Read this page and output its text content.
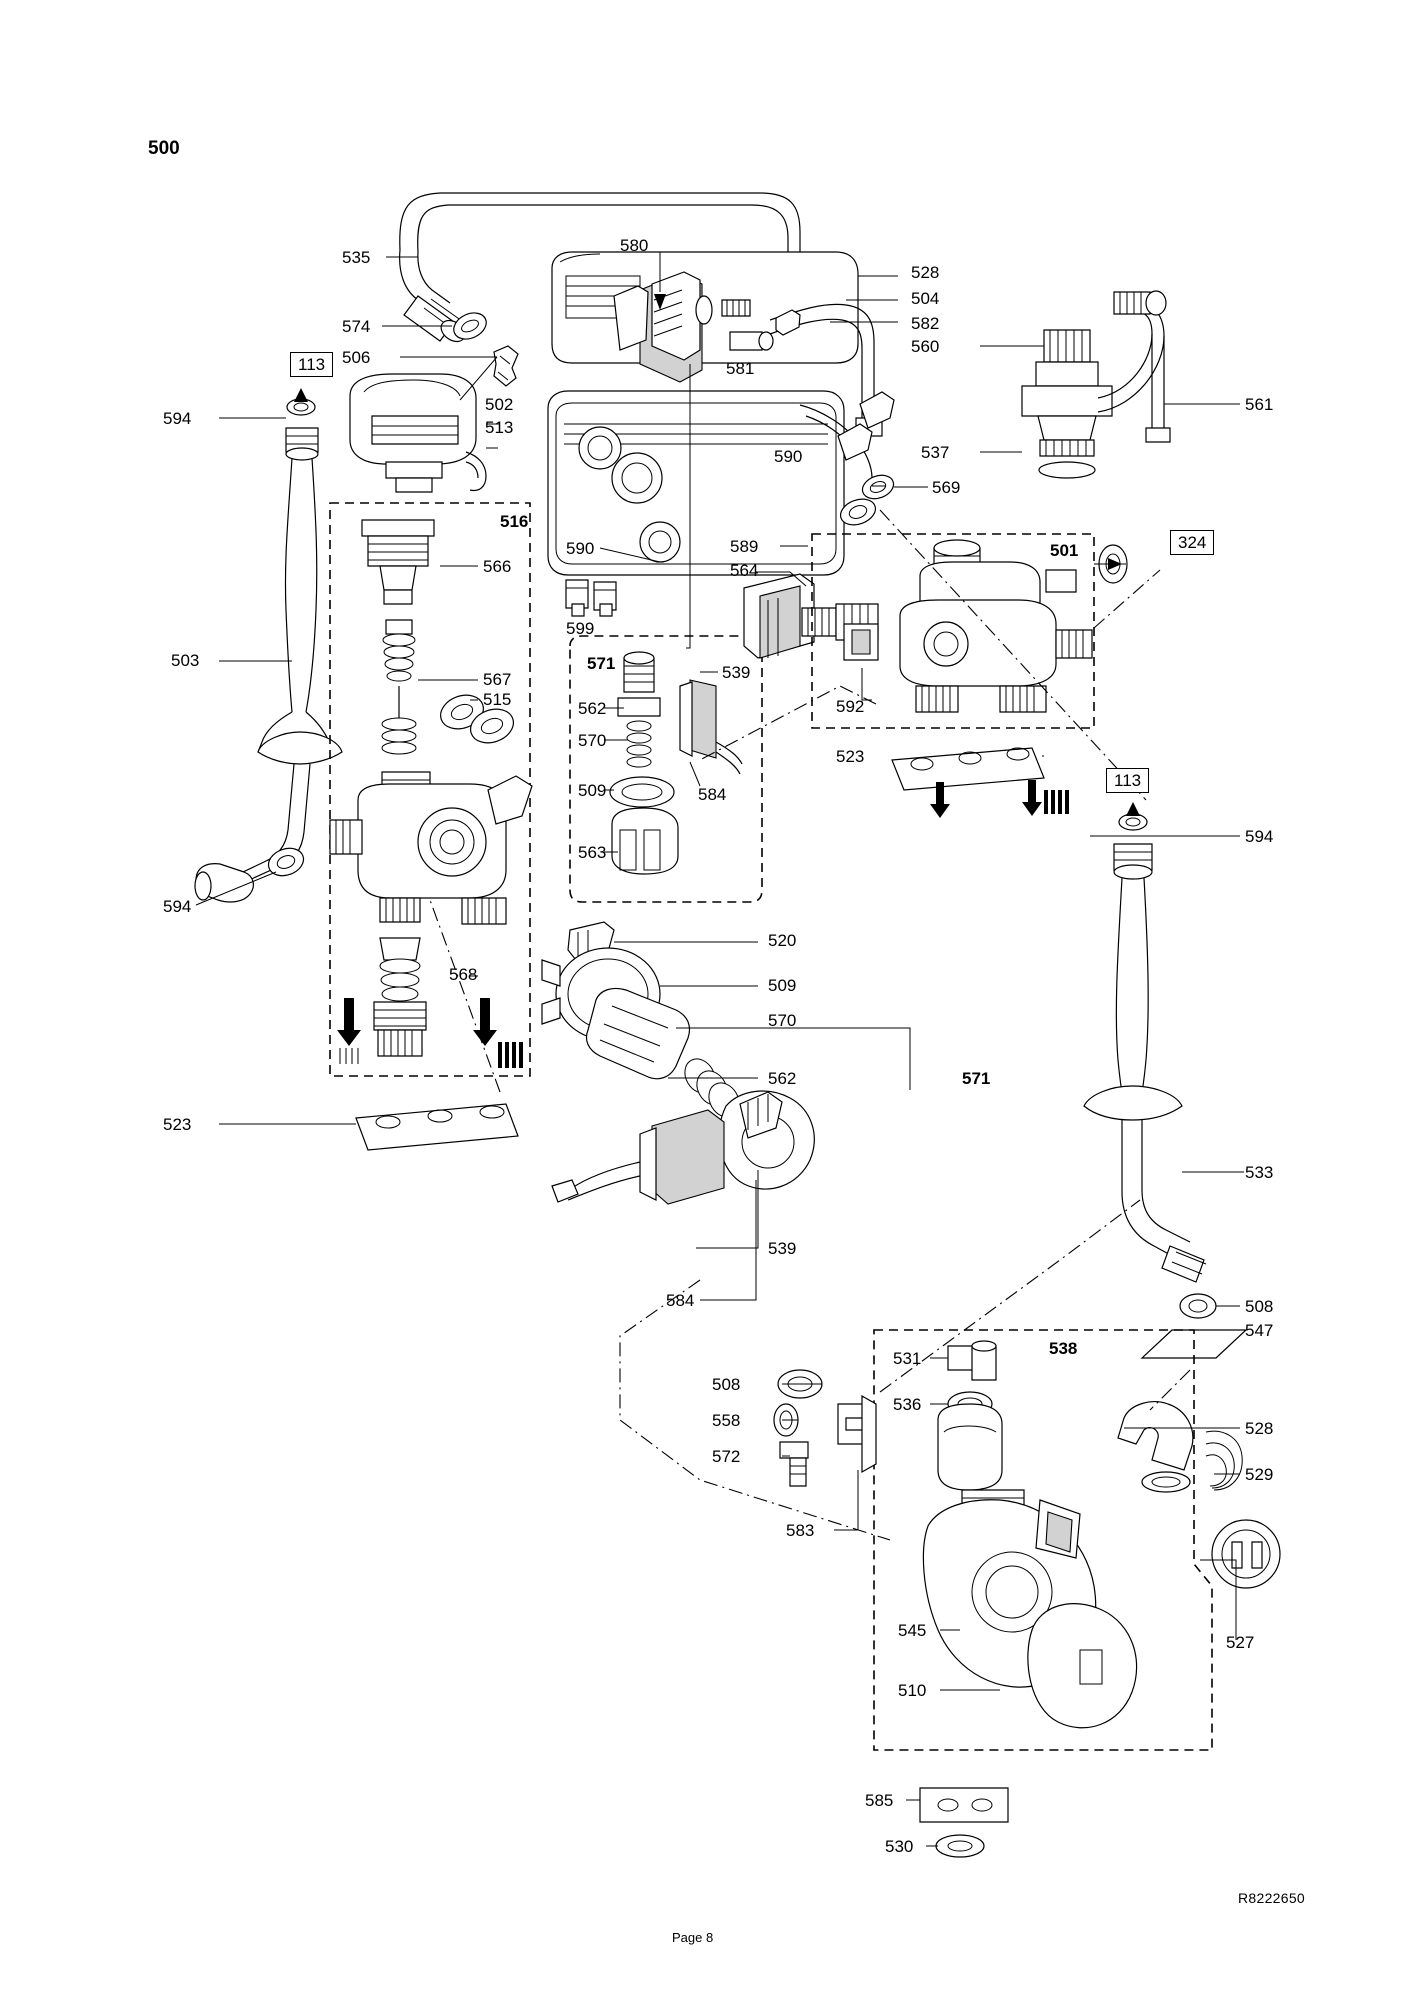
500
113
113
324
516
571
501
571
538
535
580
528
504
582
560
574
506
581
594
502
513
561
537
590
569
566
590	589
564
503
567
515
599
539
562
570
509	584
563
592
523
594
594
568
520
509
570
562
523
533
539
584	508
547
508
558
572
531
536
528
529
583
527
545
510
585
530
R8222650
Page 8
